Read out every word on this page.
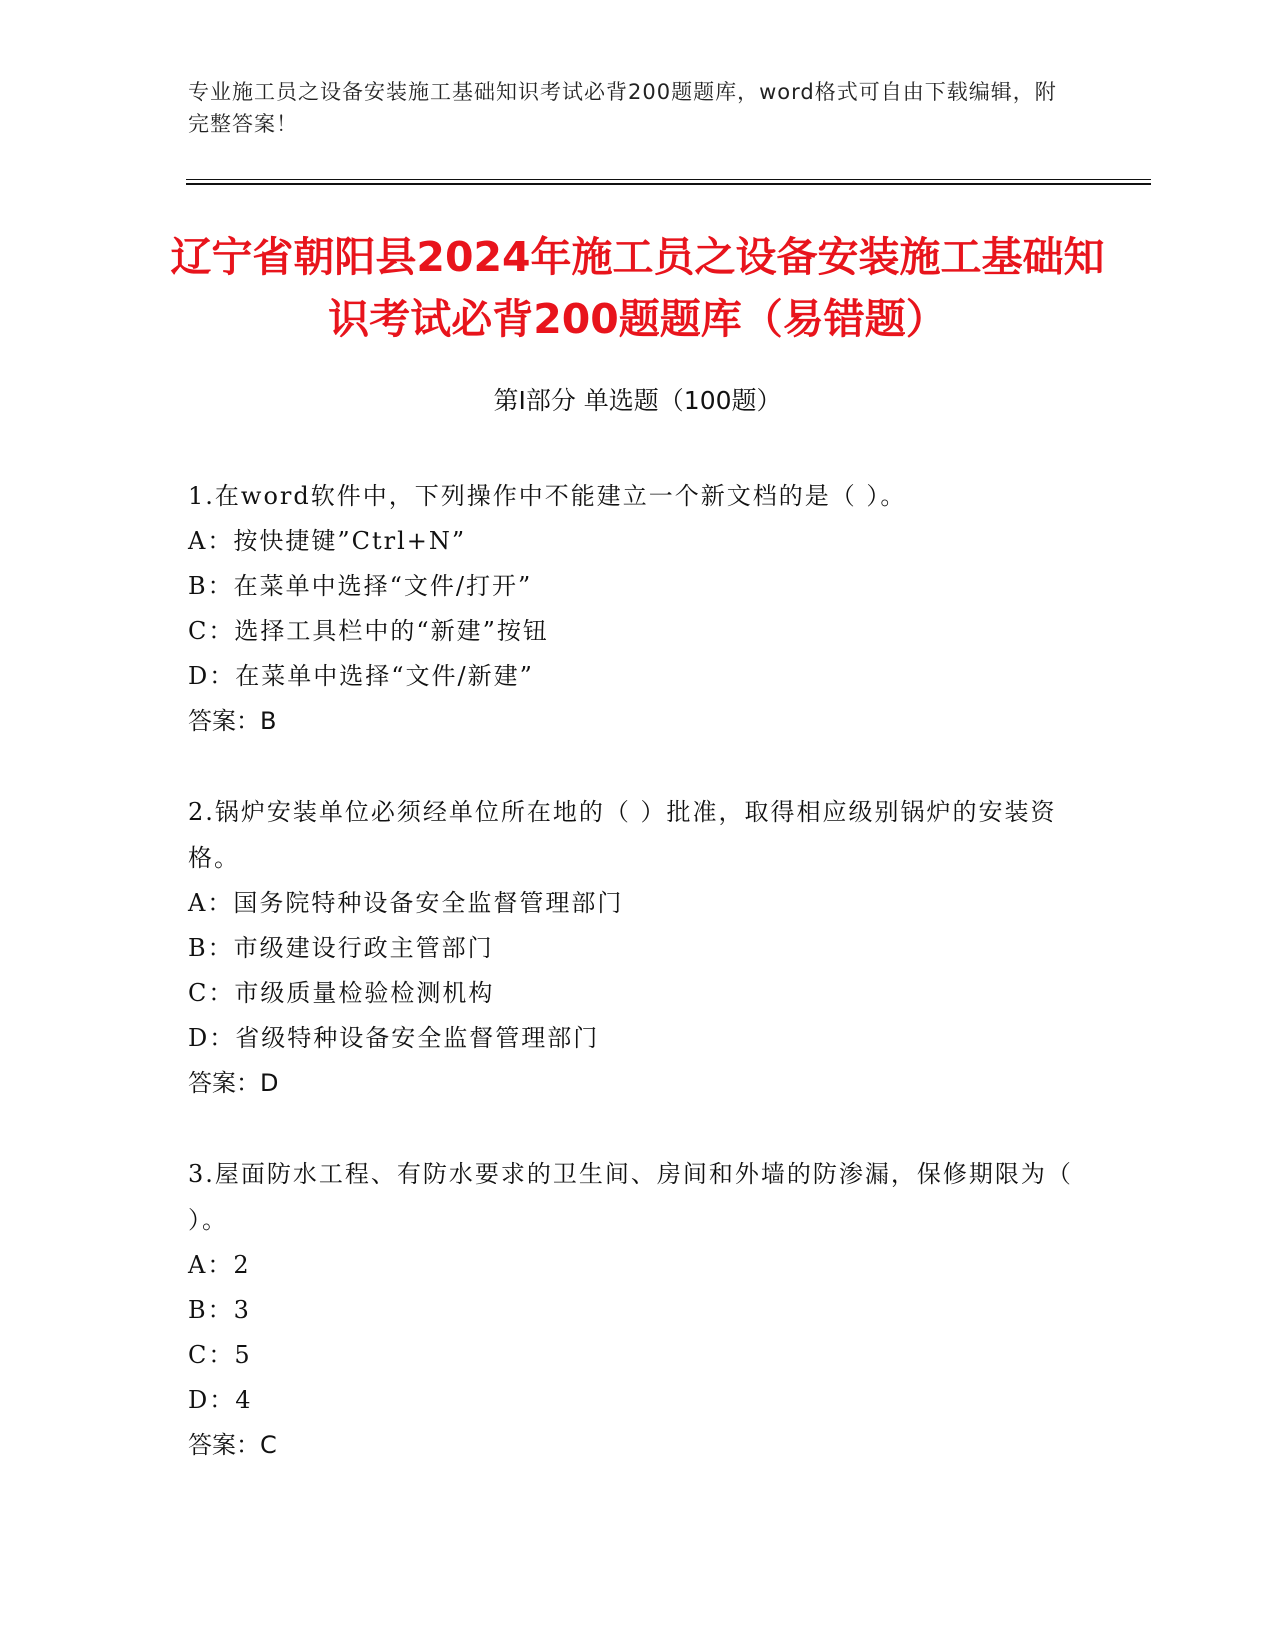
专业施工员之设备安装施工基础知识考试必背200题题库，word格式可自由下载编辑，附完整答案！
辽宁省朝阳县2024年施工员之设备安装施工基础知识考试必背200题题库（易错题）
第I部分 单选题（100题）

1.在word软件中，下列操作中不能建立一个新文档的是（ ）。

A：按快捷键”Ctrl+N”

B：在菜单中选择“文件/打开”

C：选择工具栏中的“新建”按钮

D：在菜单中选择“文件/新建”

答案：B

2.锅炉安装单位必须经单位所在地的（ ）批准，取得相应级别锅炉的安装资格。

A：国务院特种设备安全监督管理部门

B：市级建设行政主管部门

C：市级质量检验检测机构

D：省级特种设备安全监督管理部门

答案：D

3.屋面防水工程、有防水要求的卫生间、房间和外墙的防渗漏，保修期限为（ ）。

A：2

B：3

C：5

D：4

答案：C
